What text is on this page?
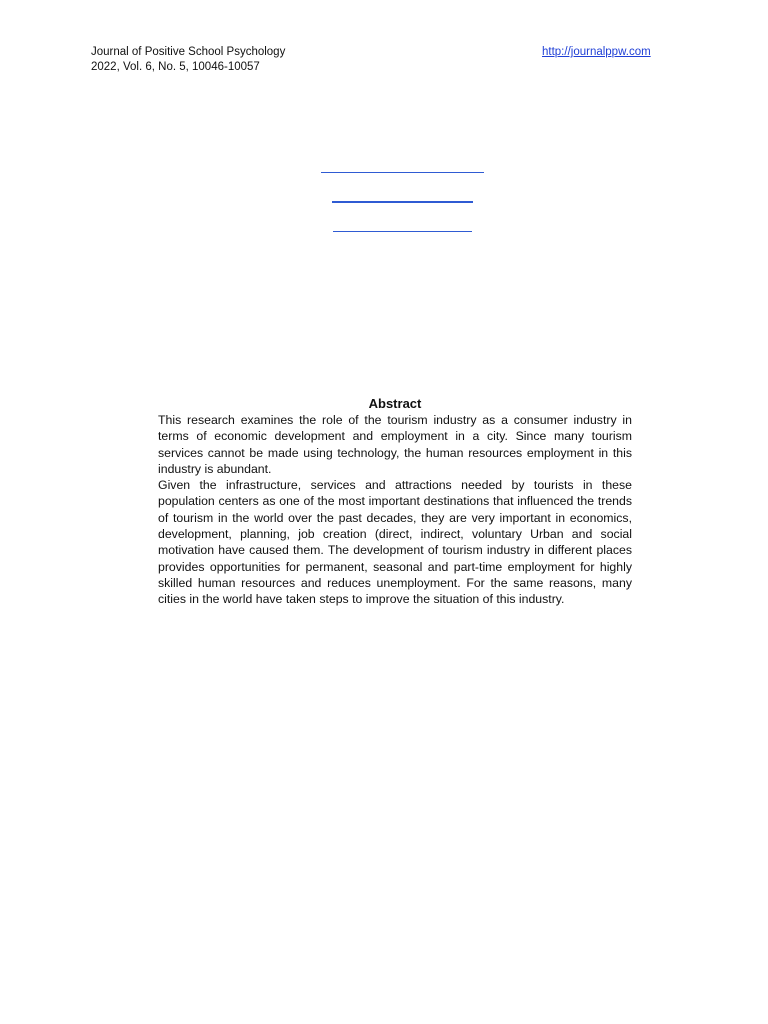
Journal of Positive School Psychology
2022, Vol. 6, No. 5, 10046-10057
http://journalppw.com
Abstract

This research examines the role of the tourism industry as a consumer industry in terms of economic development and employment in a city. Since many tourism services cannot be made using technology, the human resources employment in this industry is abundant.

Given the infrastructure, services and attractions needed by tourists in these population centers as one of the most important destinations that influenced the trends of tourism in the world over the past decades, they are very important in economics, development, planning, job creation (direct, indirect, voluntary Urban and social motivation have caused them. The development of tourism industry in different places provides opportunities for permanent, seasonal and part-time employment for highly skilled human resources and reduces unemployment. For the same reasons, many cities in the world have taken steps to improve the situation of this industry.
